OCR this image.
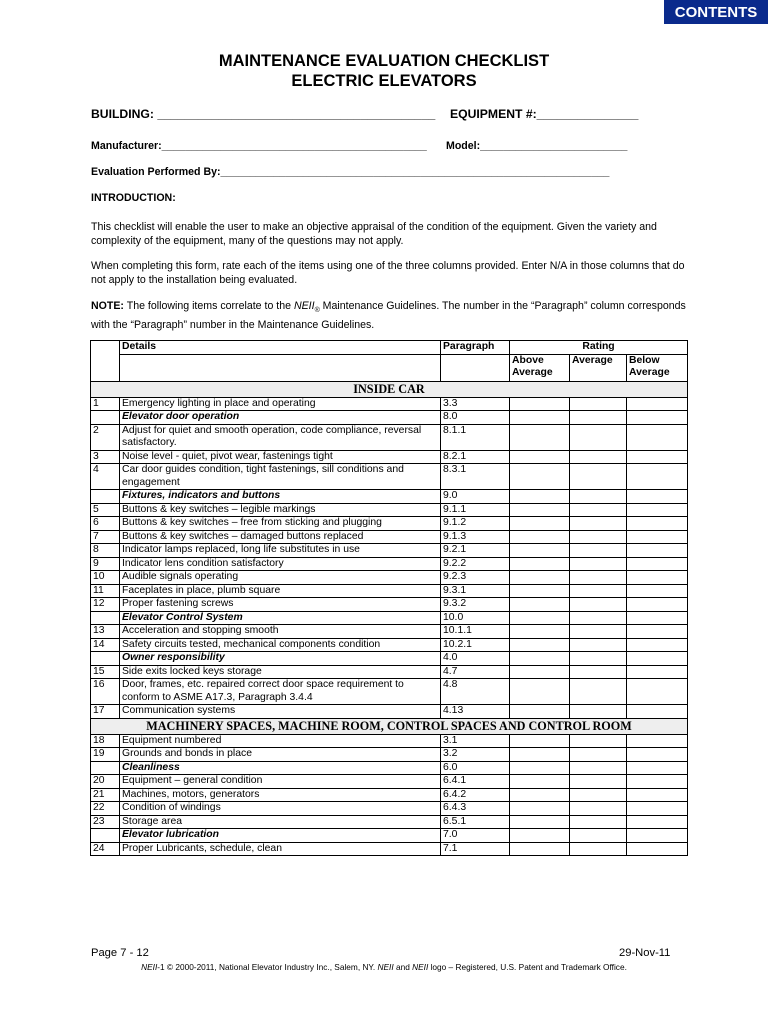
CONTENTS
MAINTENANCE EVALUATION CHECKLIST
ELECTRIC ELEVATORS
BUILDING: _________________________________________ EQUIPMENT #:_______________
Manufacturer:_____________________________________________ Model:_________________________
Evaluation Performed By:__________________________________________________________________
INTRODUCTION:
This checklist will enable the user to make an objective appraisal of the condition of the equipment. Given the variety and complexity of the equipment, many of the questions may not apply.
When completing this form, rate each of the items using one of the three columns provided. Enter N/A in those columns that do not apply to the installation being evaluated.
NOTE: The following items correlate to the $NEII_®$ Maintenance Guidelines. The number in the “Paragraph” column corresponds with the “Paragraph” number in the Maintenance Guidelines.
	Details	Paragraph	Rating		
			Above Average	Average	Below Average
INSIDE CAR					
1	Emergency lighting in place and operating	3.3			
	Elevator door operation	8.0			
2	Adjust for quiet and smooth operation, code compliance, reversal satisfactory.	8.1.1			
3	Noise level - quiet, pivot wear, fastenings tight	8.2.1			
4	Car door guides condition, tight fastenings, sill conditions and engagement	8.3.1			
	Fixtures, indicators and buttons	9.0			
5	Buttons & key switches – legible markings	9.1.1			
6	Buttons & key switches – free from sticking and plugging	9.1.2			
7	Buttons & key switches – damaged buttons replaced	9.1.3			
8	Indicator lamps replaced, long life substitutes in use	9.2.1			
9	Indicator lens condition satisfactory	9.2.2			
10	Audible signals operating	9.2.3			
11	Faceplates in place, plumb square	9.3.1			
12	Proper fastening screws	9.3.2			
	Elevator Control System	10.0			
13	Acceleration and stopping smooth	10.1.1			
14	Safety circuits tested, mechanical components condition	10.2.1			
	Owner responsibility	4.0			
15	Side exits locked keys storage	4.7			
16	Door, frames, etc. repaired correct door space requirement to conform to ASME A17.3, Paragraph 3.4.4	4.8			
17	Communication systems	4.13			
MACHINERY SPACES, MACHINE ROOM, CONTROL SPACES AND CONTROL ROOM					
18	Equipment numbered	3.1			
19	Grounds and bonds in place	3.2			
	Cleanliness	6.0			
20	Equipment – general condition	6.4.1			
21	Machines, motors, generators	6.4.2			
22	Condition of windings	6.4.3			
23	Storage area	6.5.1			
	Elevator lubrication	7.0			
24	Proper Lubricants, schedule, clean	7.1			
Page 7 - 12	29-Nov-11
NEII-1 © 2000-2011, National Elevator Industry Inc., Salem, NY. NEII and NEII logo – Registered, U.S. Patent and Trademark Office.
